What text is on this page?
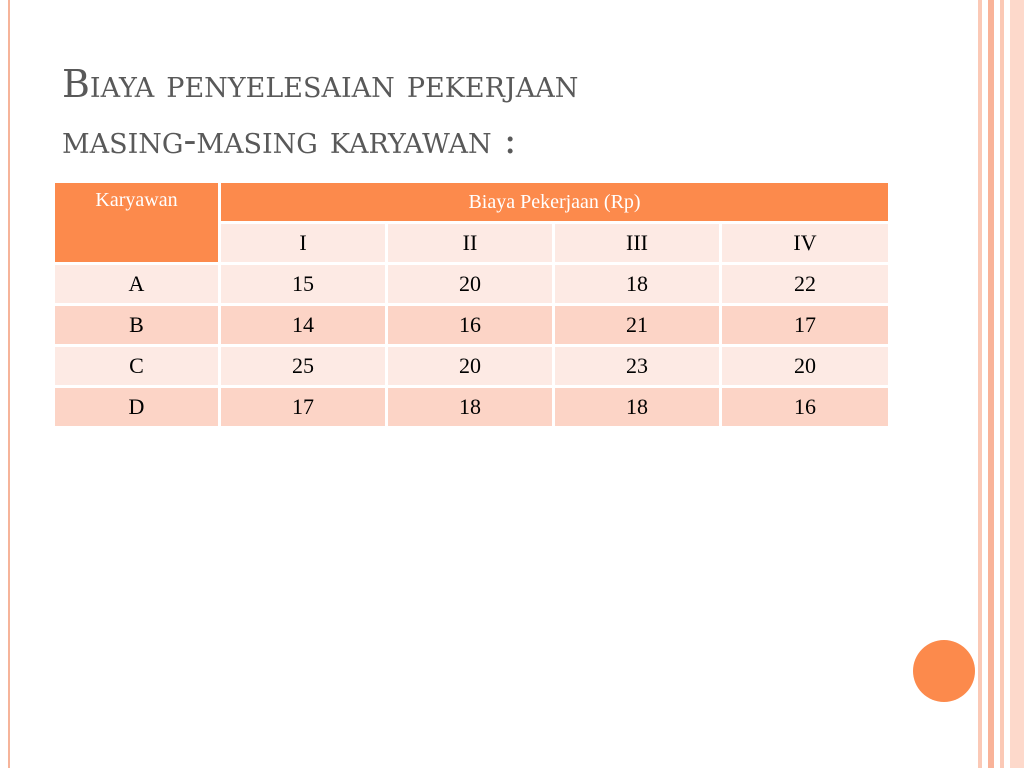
Biaya penyelesaian pekerjaan
masing-masing karyawan :
Karyawan	Biaya Pekerjaan (Rp)			
	I	II	III	IV
A	15	20	18	22
B	14	16	21	17
C	25	20	23	20
D	17	18	18	16
